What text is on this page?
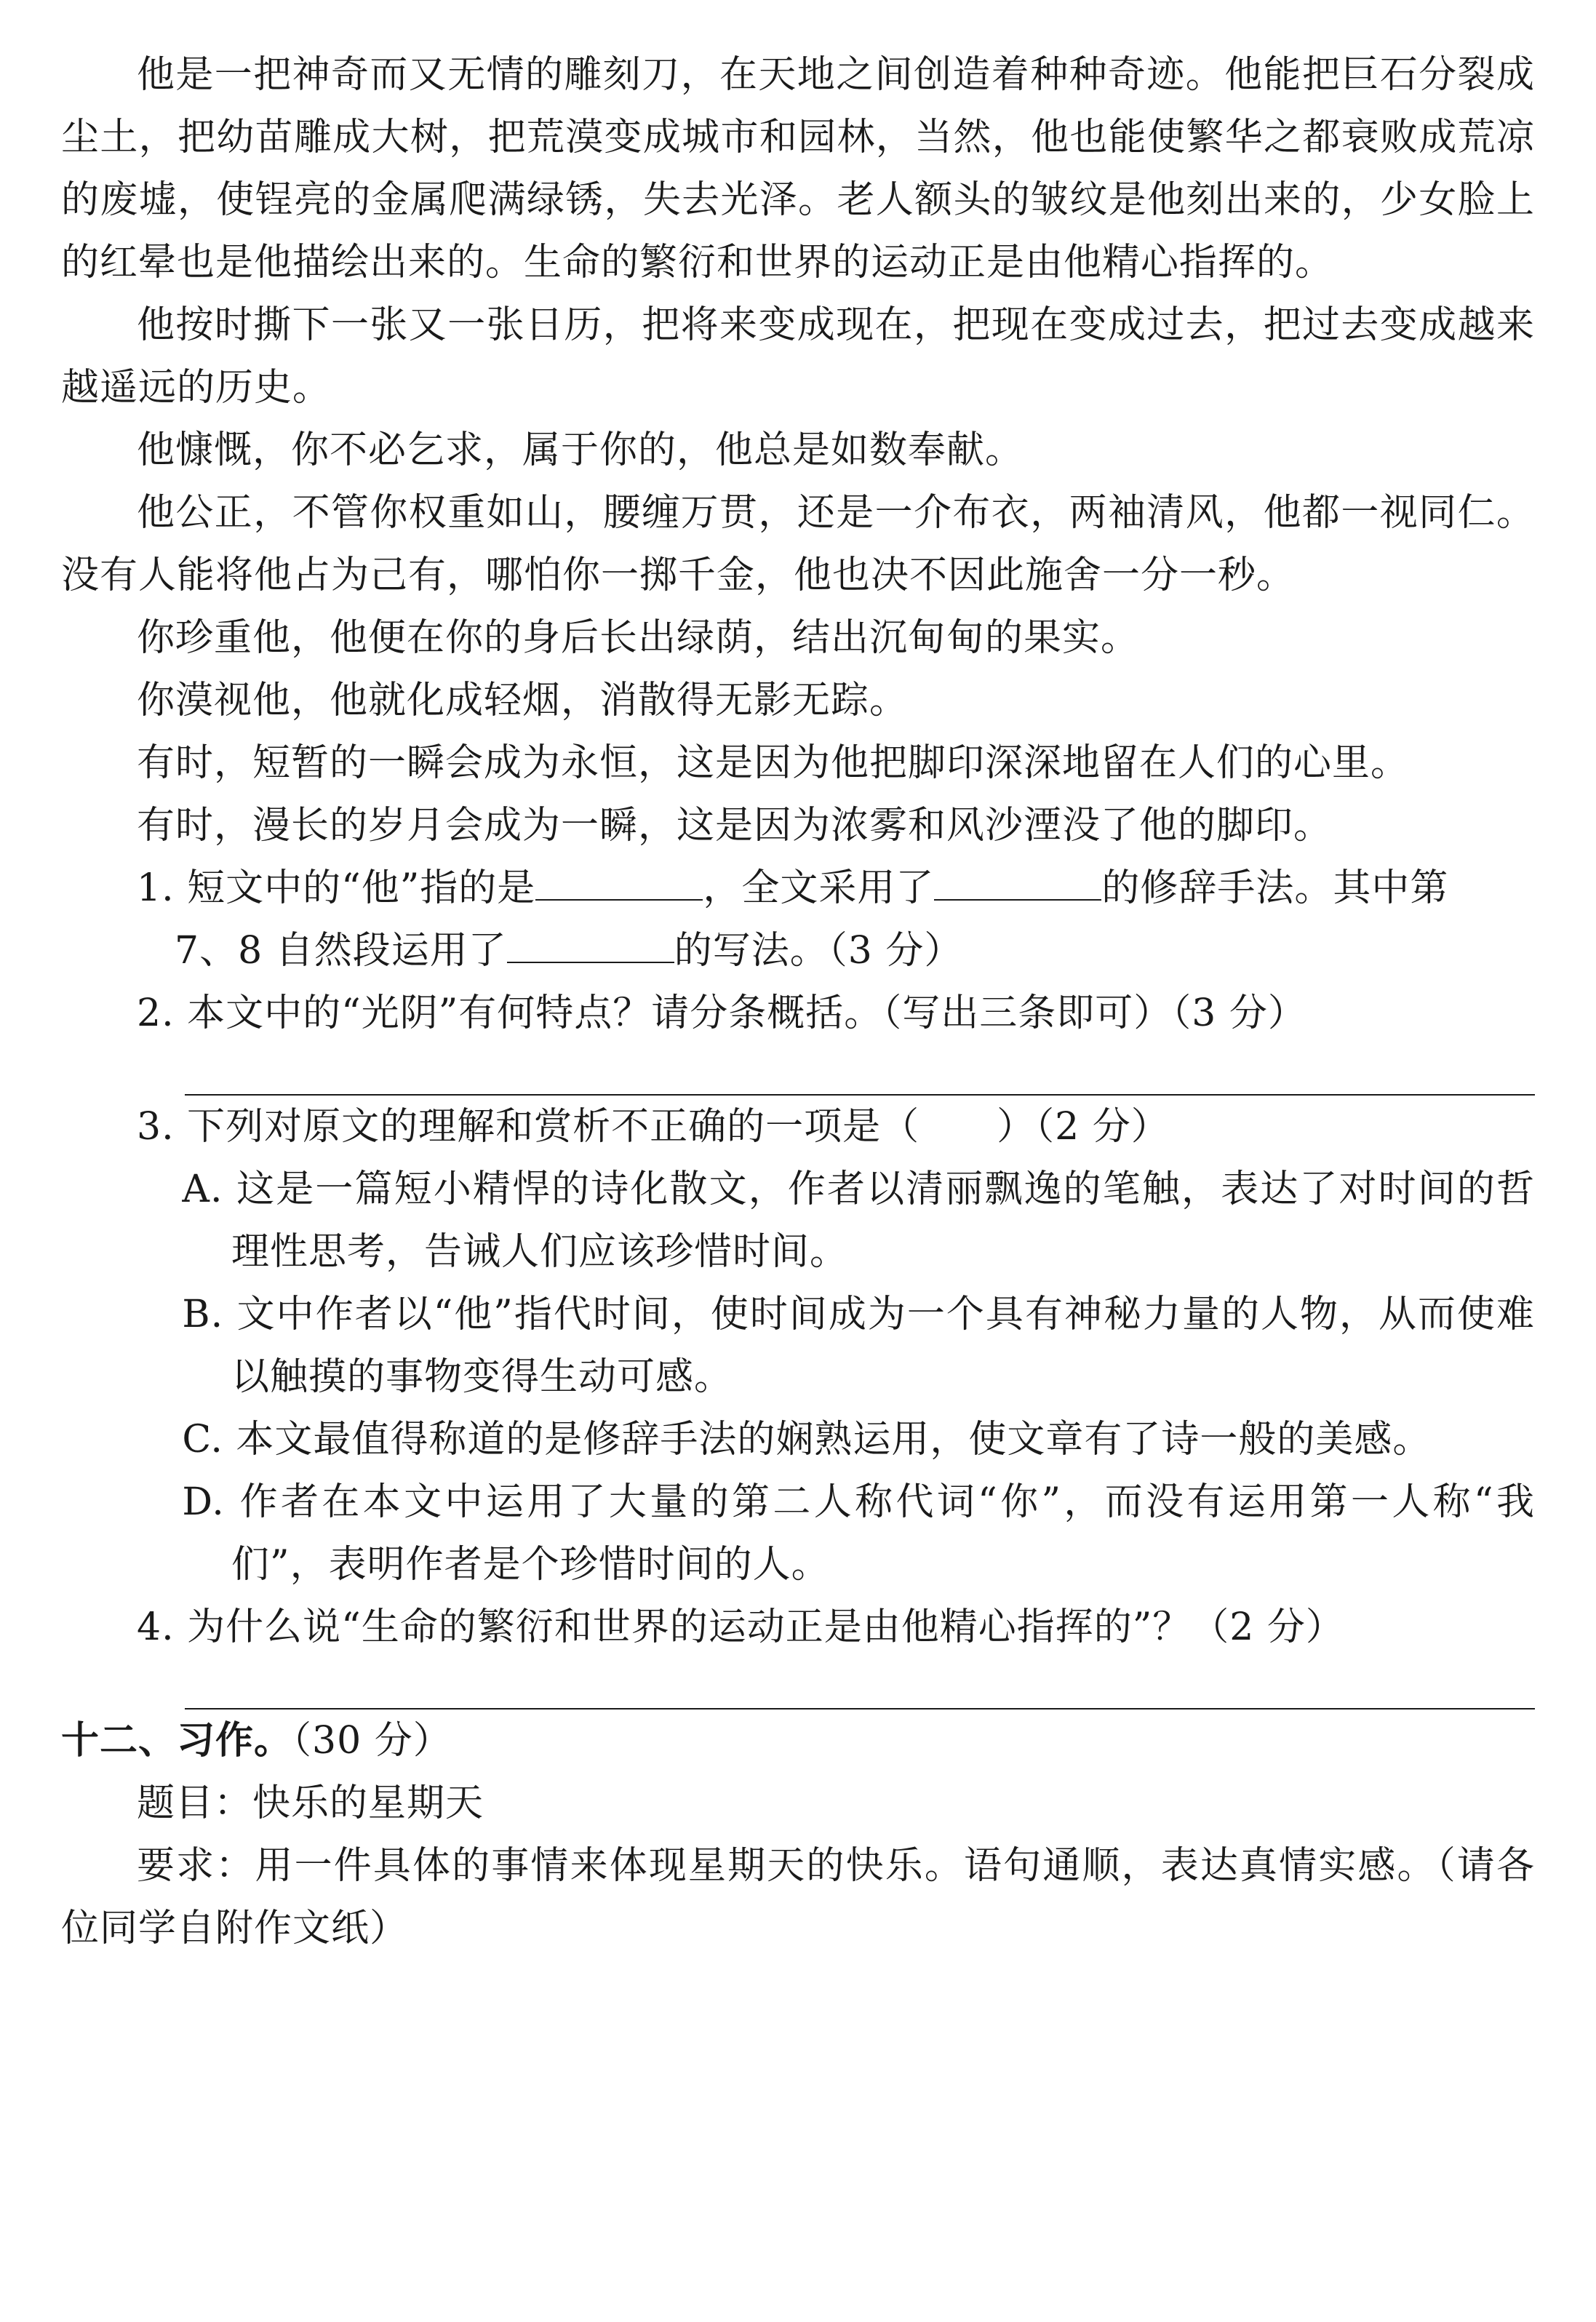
他是一把神奇而又无情的雕刻刀，在天地之间创造着种种奇迹。他能把巨石分裂成尘土，把幼苗雕成大树，把荒漠变成城市和园林，当然，他也能使繁华之都衰败成荒凉的废墟，使锃亮的金属爬满绿锈，失去光泽。老人额头的皱纹是他刻出来的，少女脸上的红晕也是他描绘出来的。生命的繁衍和世界的运动正是由他精心指挥的。

他按时撕下一张又一张日历，把将来变成现在，把现在变成过去，把过去变成越来越遥远的历史。

他慷慨，你不必乞求，属于你的，他总是如数奉献。

他公正，不管你权重如山，腰缠万贯，还是一介布衣，两袖清风，他都一视同仁。没有人能将他占为己有，哪怕你一掷千金，他也决不因此施舍一分一秒。

你珍重他，他便在你的身后长出绿荫，结出沉甸甸的果实。

你漠视他，他就化成轻烟，消散得无影无踪。

有时，短暂的一瞬会成为永恒，这是因为他把脚印深深地留在人们的心里。

有时，漫长的岁月会成为一瞬，这是因为浓雾和风沙湮没了他的脚印。

1. 短文中的“他”指的是	，全文采用了	的修辞手法。其中第

7、8 自然段运用了	的写法。（3 分）

2. 本文中的“光阴”有何特点？请分条概括。（写出三条即可）（3 分）

3. 下列对原文的理解和赏析不正确的一项是（　　）（2 分）

A. 这是一篇短小精悍的诗化散文，作者以清丽飘逸的笔触，表达了对时间的哲理性思考，告诫人们应该珍惜时间。

B. 文中作者以“他”指代时间，使时间成为一个具有神秘力量的人物，从而使难以触摸的事物变得生动可感。

C. 本文最值得称道的是修辞手法的娴熟运用，使文章有了诗一般的美感。

D. 作者在本文中运用了大量的第二人称代词“你”，而没有运用第一人称“我们”，表明作者是个珍惜时间的人。

4. 为什么说“生命的繁衍和世界的运动正是由他精心指挥的”？（2 分）

十二、习作。（30 分）

题目：快乐的星期天

要求：用一件具体的事情来体现星期天的快乐。语句通顺，表达真情实感。（请各位同学自附作文纸）
